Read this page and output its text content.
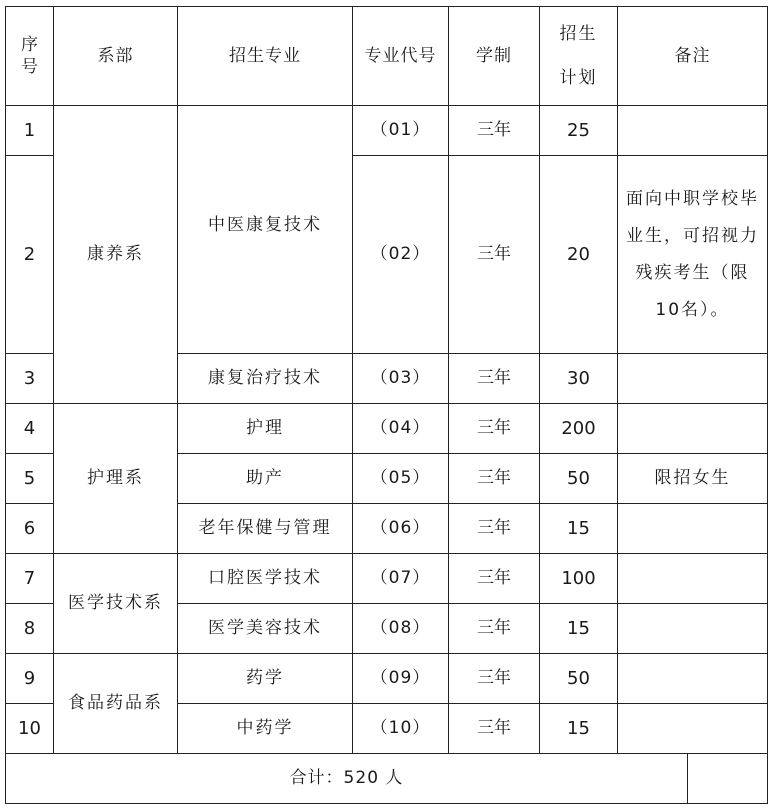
序号	系部	招生专业	专业代号	学制	招生计划	备注	
1	康养系	中医康复技术	（01）	三年	25		
2			（02）	三年	20	面向中职学校毕业生，可招视力残疾考生（限10名）。	
3		康复治疗技术	（03）	三年	30		
4	护理系	护理	（04）	三年	200		
5		助产	（05）	三年	50	限招女生	
6		老年保健与管理	（06）	三年	15		
7	医学技术系	口腔医学技术	（07）	三年	100		
8		医学美容技术	（08）	三年	15		
9	食品药品系	药学	（09）	三年	50		
10		中药学	（10）	三年	15		
合计：520 人							
